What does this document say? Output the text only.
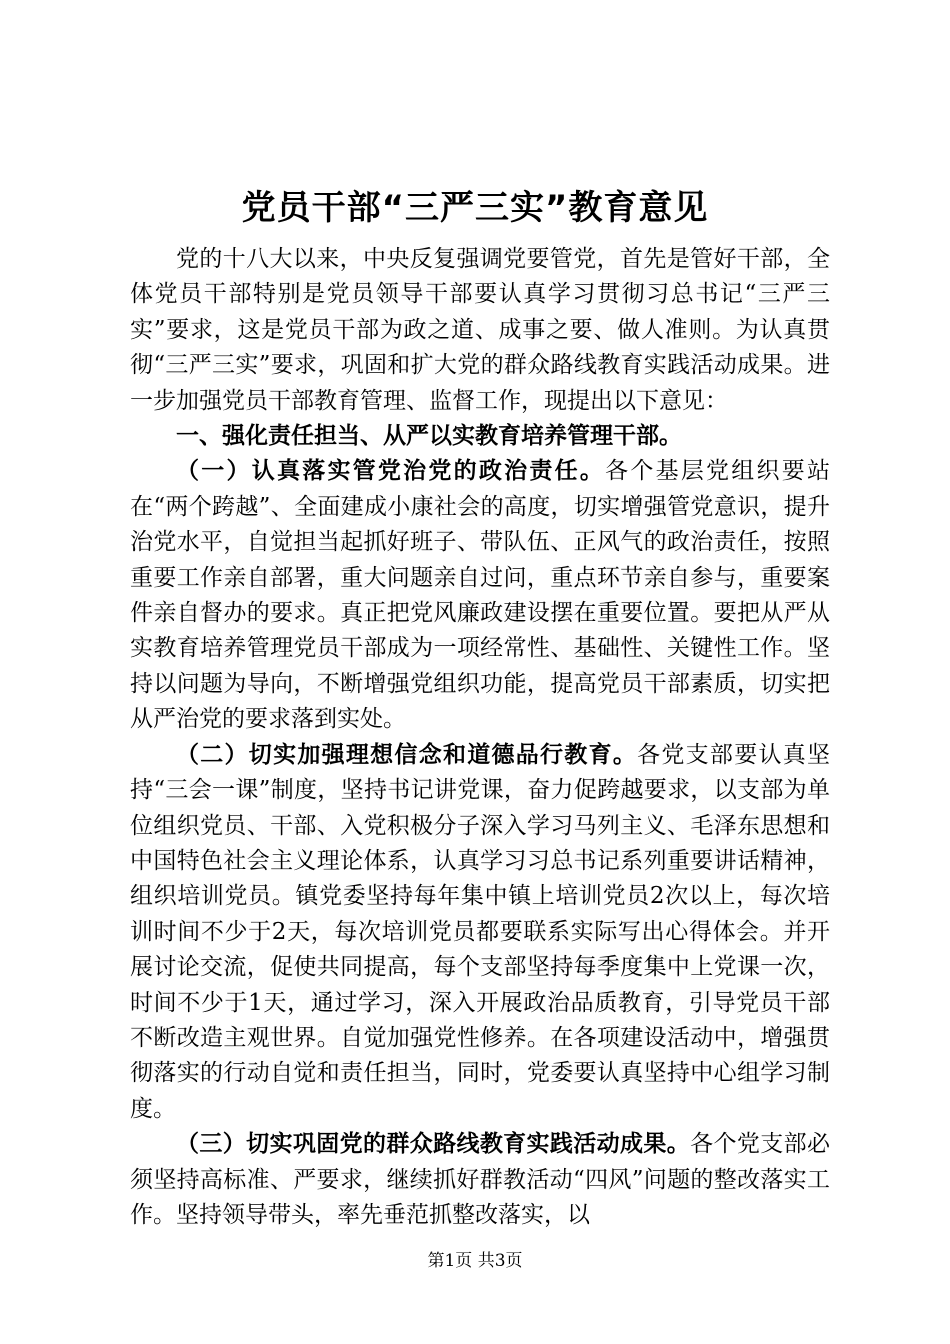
党员干部“三严三实”教育意见

党的十八大以来，中央反复强调党要管党，首先是管好干部，全体党员干部特别是党员领导干部要认真学习贯彻习总书记“三严三实”要求，这是党员干部为政之道、成事之要、做人准则。为认真贯彻“三严三实”要求，巩固和扩大党的群众路线教育实践活动成果。进一步加强党员干部教育管理、监督工作，现提出以下意见：

一、强化责任担当、从严以实教育培养管理干部。

（一）认真落实管党治党的政治责任。各个基层党组织要站在“两个跨越”、全面建成小康社会的高度，切实增强管党意识，提升治党水平，自觉担当起抓好班子、带队伍、正风气的政治责任，按照重要工作亲自部署，重大问题亲自过问，重点环节亲自参与，重要案件亲自督办的要求。真正把党风廉政建设摆在重要位置。要把从严从实教育培养管理党员干部成为一项经常性、基础性、关键性工作。坚持以问题为导向，不断增强党组织功能，提高党员干部素质，切实把从严治党的要求落到实处。

（二）切实加强理想信念和道德品行教育。各党支部要认真坚持“三会一课”制度，坚持书记讲党课，奋力促跨越要求，以支部为单位组织党员、干部、入党积极分子深入学习马列主义、毛泽东思想和中国特色社会主义理论体系，认真学习习总书记系列重要讲话精神，组织培训党员。镇党委坚持每年集中镇上培训党员2次以上，每次培训时间不少于2天，每次培训党员都要联系实际写出心得体会。并开展讨论交流，促使共同提高，每个支部坚持每季度集中上党课一次，时间不少于1天，通过学习，深入开展政治品质教育，引导党员干部不断改造主观世界。自觉加强党性修养。在各项建设活动中，增强贯彻落实的行动自觉和责任担当，同时，党委要认真坚持中心组学习制度。

（三）切实巩固党的群众路线教育实践活动成果。各个党支部必须坚持高标准、严要求，继续抓好群教活动“四风”问题的整改落实工作。坚持领导带头，率先垂范抓整改落实，以

第1页 共3页
